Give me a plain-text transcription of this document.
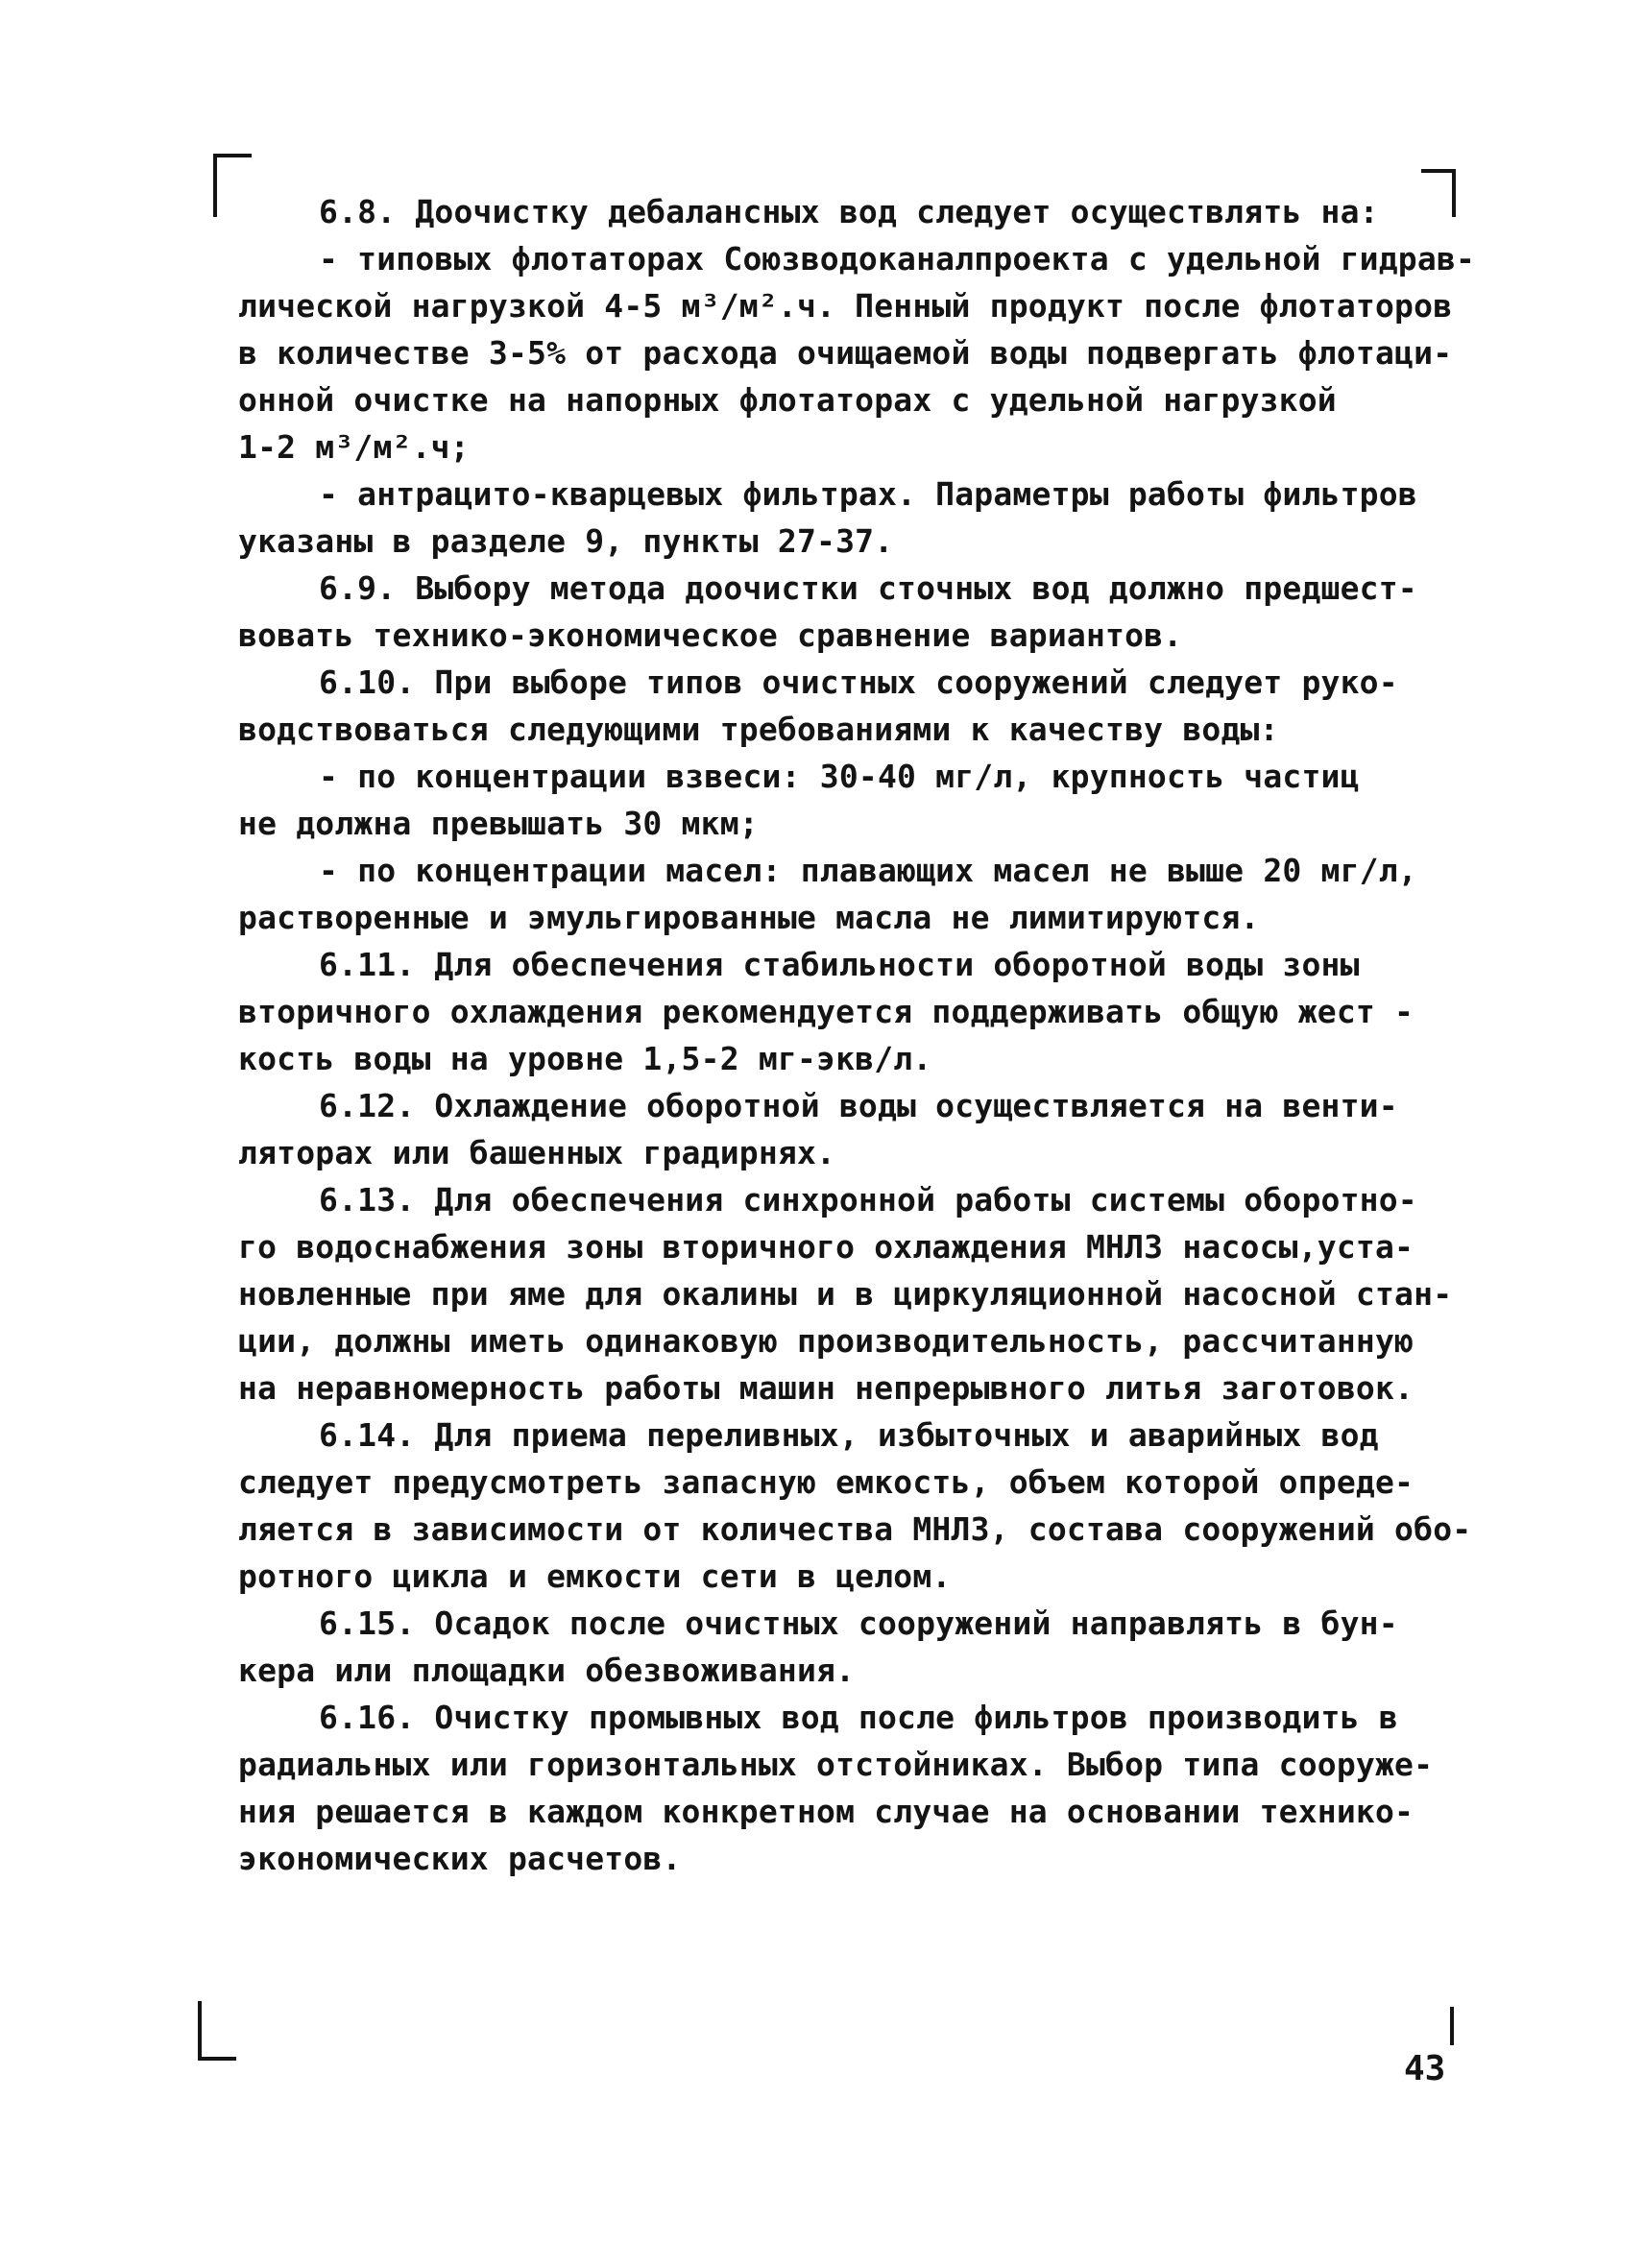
6.8. Доочистку дебалансных вод следует осуществлять на:
- типовых флотаторах Союзводоканалпроекта с удельной гидрав-
лической нагрузкой 4-5 м³/м².ч. Пенный продукт после флотаторов
в количестве 3-5% от расхода очищаемой воды подвергать флотаци-
онной очистке на напорных флотаторах с удельной нагрузкой
1-2 м³/м².ч;
- антрацито-кварцевых фильтрах. Параметры работы фильтров
указаны в разделе 9, пункты 27-37.
6.9. Выбору метода доочистки сточных вод должно предшест-
вовать технико-экономическое сравнение вариантов.
6.10. При выборе типов очистных сооружений следует руко-
водствоваться следующими требованиями к качеству воды:
- по концентрации взвеси: 30-40 мг/л, крупность частиц
не должна превышать 30 мкм;
- по концентрации масел: плавающих масел не выше 20 мг/л,
растворенные и эмульгированные масла не лимитируются.
6.11. Для обеспечения стабильности оборотной воды зоны
вторичного охлаждения рекомендуется поддерживать общую жест -
кость воды на уровне 1,5-2 мг-экв/л.
6.12. Охлаждение оборотной воды осуществляется на венти-
ляторах или башенных градирнях.
6.13. Для обеспечения синхронной работы системы оборотно-
го водоснабжения зоны вторичного охлаждения МНЛЗ насосы,уста-
новленные при яме для окалины и в циркуляционной насосной стан-
ции, должны иметь одинаковую производительность, рассчитанную
на неравномерность работы машин непрерывного литья заготовок.
6.14. Для приема переливных, избыточных и аварийных вод
следует предусмотреть запасную емкость, объем которой опреде-
ляется в зависимости от количества МНЛЗ, состава сооружений обо-
ротного цикла и емкости сети в целом.
6.15. Осадок после очистных сооружений направлять в бун-
кера или площадки обезвоживания.
6.16. Очистку промывных вод после фильтров производить в
радиальных или горизонтальных отстойниках. Выбор типа сооруже-
ния решается в каждом конкретном случае на основании технико-
экономических расчетов.
43
